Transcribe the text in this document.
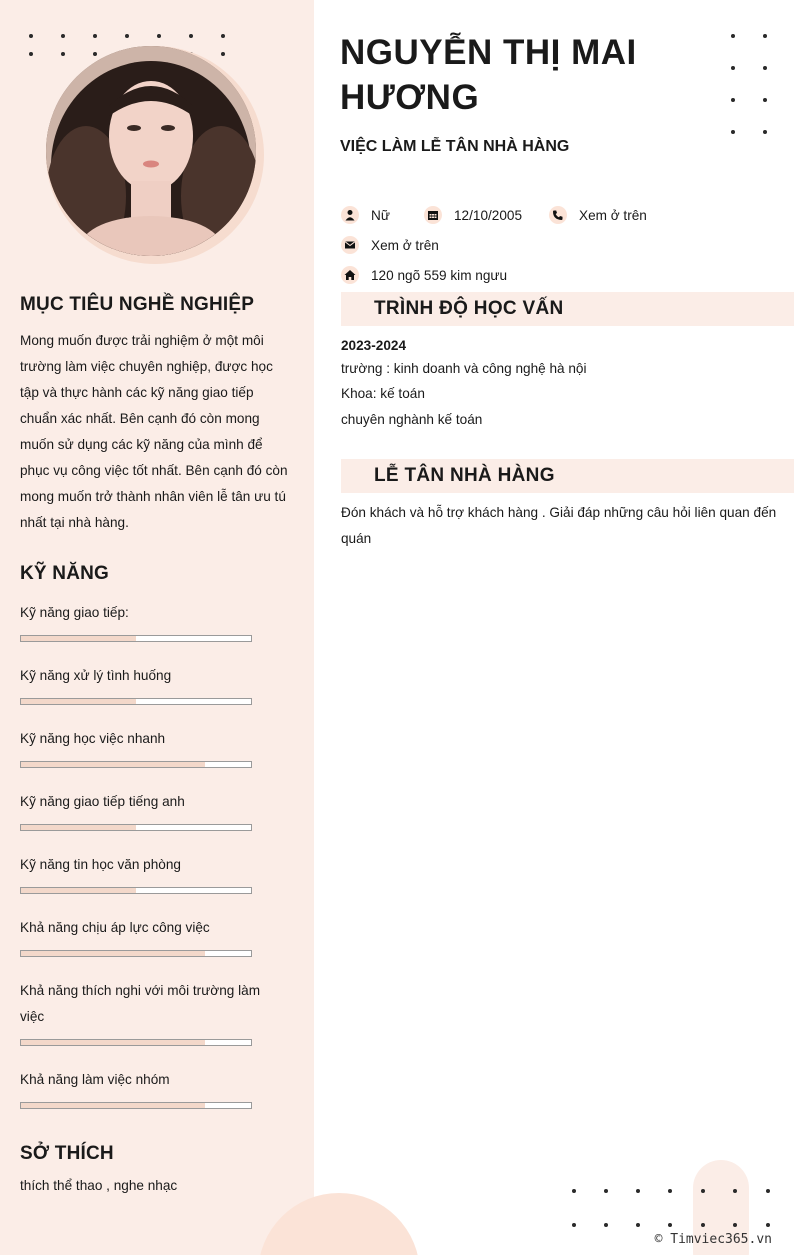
MỤC TIÊU NGHỀ NGHIỆP
Mong muốn được trải nghiệm ở một môi trường làm việc chuyên nghiệp, được học tập và thực hành các kỹ năng giao tiếp chuẩn xác nhất. Bên cạnh đó còn mong muốn sử dụng các kỹ năng của mình để phục vụ công việc tốt nhất. Bên cạnh đó còn mong muốn trở thành nhân viên lễ tân ưu tú nhất tại nhà hàng.
KỸ NĂNG
Kỹ năng giao tiếp:
Kỹ năng xử lý tình huống
Kỹ năng học việc nhanh
Kỹ năng giao tiếp tiếng anh
Kỹ năng tin học văn phòng
Khả năng chịu áp lực công việc
Khả năng thích nghi với môi trường làm việc
Khả năng làm việc nhóm
SỞ THÍCH
thích thể thao , nghe nhạc
NGUYỄN THỊ MAI HƯƠNG
VIỆC LÀM LỄ TÂN NHÀ HÀNG
Nữ	12/10/2005	Xem ở trên
Xem ở trên
120 ngõ 559 kim ngưu
TRÌNH ĐỘ HỌC VẤN
2023-2024
trường : kinh doanh và công nghệ hà nội
Khoa: kế toán
chuyên nghành kế toán
LỄ TÂN NHÀ HÀNG
Đón khách và hỗ trợ khách hàng . Giải đáp những câu hỏi liên quan đến quán
© Timviec365.vn
